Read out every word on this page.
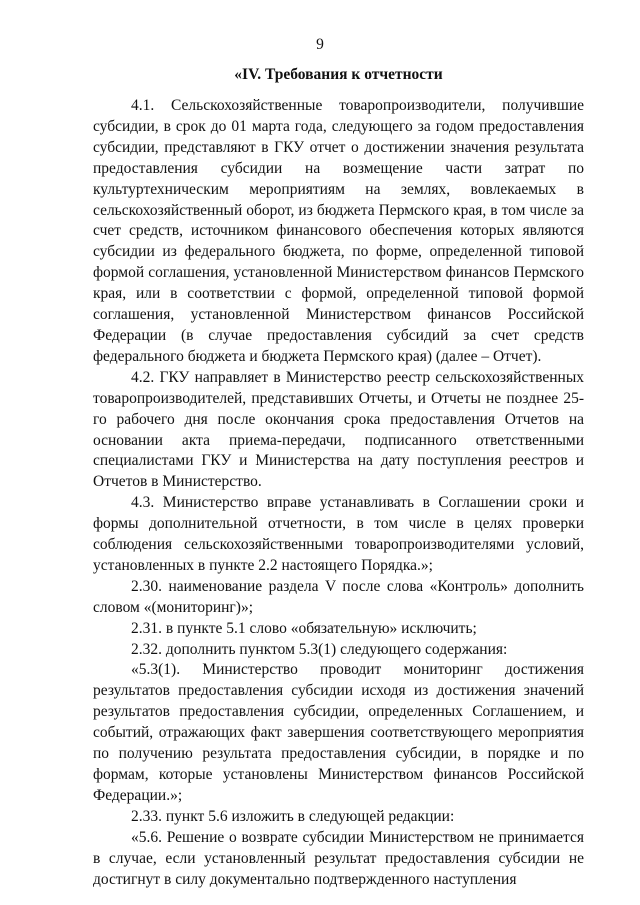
9
«IV. Требования к отчетности

4.1. Сельскохозяйственные товаропроизводители, получившие субсидии, в срок до 01 марта года, следующего за годом предоставления субсидии, представляют в ГКУ отчет о достижении значения результата предоставления субсидии на возмещение части затрат по культуртехническим мероприятиям на землях, вовлекаемых в сельскохозяйственный оборот, из бюджета Пермского края, в том числе за счет средств, источником финансового обеспечения которых являются субсидии из федерального бюджета, по форме, определенной типовой формой соглашения, установленной Министерством финансов Пермского края, или в соответствии с формой, определенной типовой формой соглашения, установленной Министерством финансов Российской Федерации (в случае предоставления субсидий за счет средств федерального бюджета и бюджета Пермского края) (далее – Отчет).

4.2. ГКУ направляет в Министерство реестр сельскохозяйственных товаропроизводителей, представивших Отчеты, и Отчеты не позднее 25-го рабочего дня после окончания срока предоставления Отчетов на основании акта приема-передачи, подписанного ответственными специалистами ГКУ и Министерства на дату поступления реестров и Отчетов в Министерство.

4.3. Министерство вправе устанавливать в Соглашении сроки и формы дополнительной отчетности, в том числе в целях проверки соблюдения сельскохозяйственными товаропроизводителями условий, установленных в пункте 2.2 настоящего Порядка.»;

2.30. наименование раздела V после слова «Контроль» дополнить словом «(мониторинг)»;

2.31. в пункте 5.1 слово «обязательную» исключить;

2.32. дополнить пунктом 5.3(1) следующего содержания:

«5.3(1). Министерство проводит мониторинг достижения результатов предоставления субсидии исходя из достижения значений результатов предоставления субсидии, определенных Соглашением, и событий, отражающих факт завершения соответствующего мероприятия по получению результата предоставления субсидии, в порядке и по формам, которые установлены Министерством финансов Российской Федерации.»;

2.33. пункт 5.6 изложить в следующей редакции:

«5.6. Решение о возврате субсидии Министерством не принимается в случае, если установленный результат предоставления субсидии не достигнут в силу документально подтвержденного наступления
